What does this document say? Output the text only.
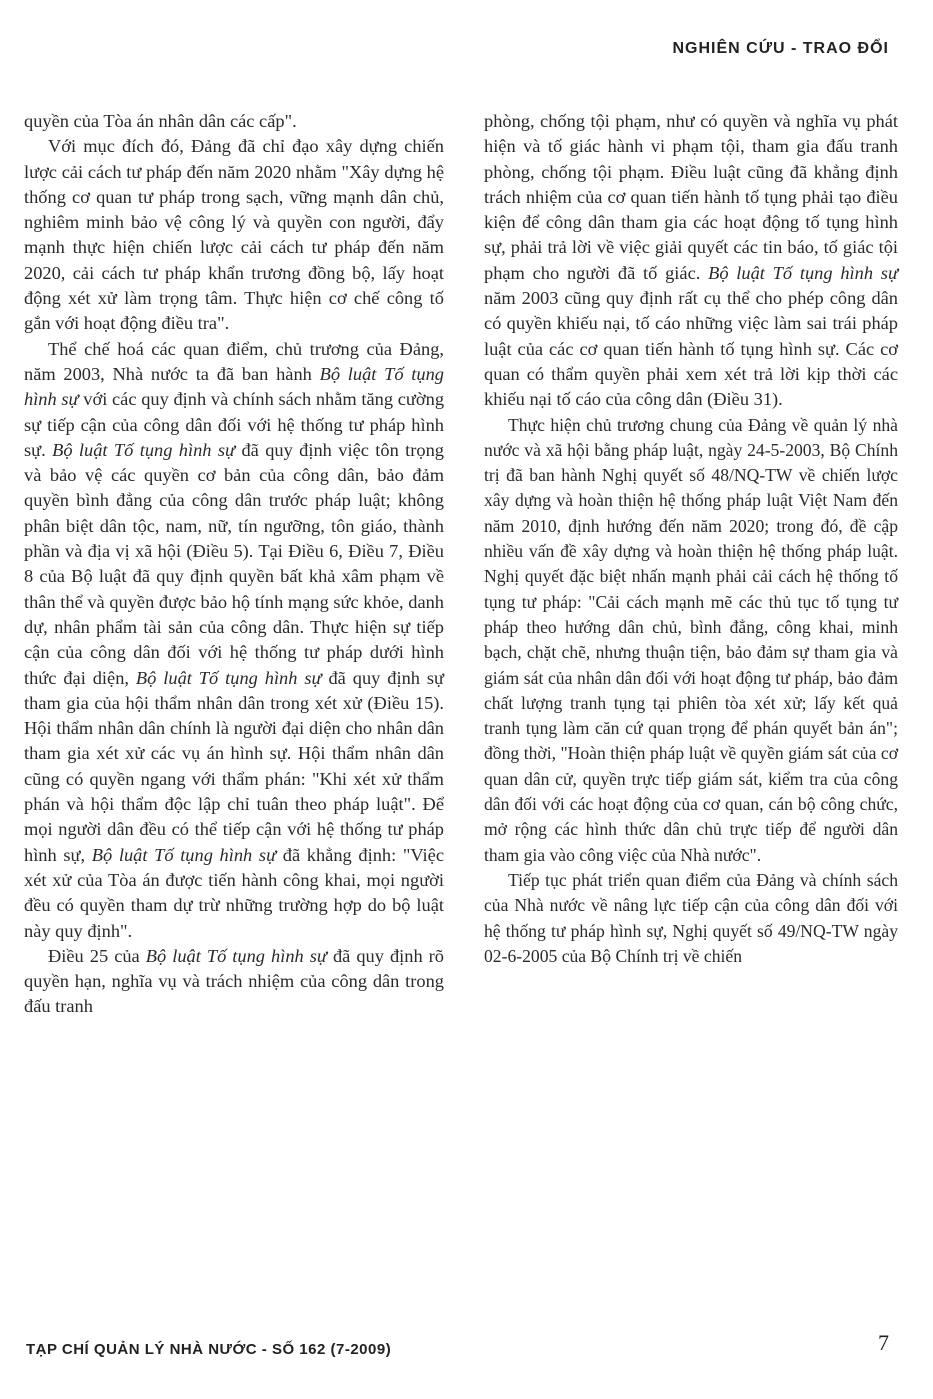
NGHIÊN CỨU - TRAO ĐỔI

quyền của Tòa án nhân dân các cấp".

Với mục đích đó, Đảng đã chỉ đạo xây dựng chiến lược cải cách tư pháp đến năm 2020 nhằm "Xây dựng hệ thống cơ quan tư pháp trong sạch, vững mạnh dân chủ, nghiêm minh bảo vệ công lý và quyền con người, đẩy mạnh thực hiện chiến lược cải cách tư pháp đến năm 2020, cải cách tư pháp khẩn trương đồng bộ, lấy hoạt động xét xử làm trọng tâm. Thực hiện cơ chế công tố gắn với hoạt động điều tra".

Thể chế hoá các quan điểm, chủ trương của Đảng, năm 2003, Nhà nước ta đã ban hành Bộ luật Tố tụng hình sự với các quy định và chính sách nhằm tăng cường sự tiếp cận của công dân đối với hệ thống tư pháp hình sự. Bộ luật Tố tụng hình sự đã quy định việc tôn trọng và bảo vệ các quyền cơ bản của công dân, bảo đảm quyền bình đẳng của công dân trước pháp luật; không phân biệt dân tộc, nam, nữ, tín ngưỡng, tôn giáo, thành phần và địa vị xã hội (Điều 5). Tại Điều 6, Điều 7, Điều 8 của Bộ luật đã quy định quyền bất khả xâm phạm về thân thể và quyền được bảo hộ tính mạng sức khỏe, danh dự, nhân phẩm tài sản của công dân. Thực hiện sự tiếp cận của công dân đối với hệ thống tư pháp dưới hình thức đại diện, Bộ luật Tố tụng hình sự đã quy định sự tham gia của hội thẩm nhân dân trong xét xử (Điều 15). Hội thẩm nhân dân chính là người đại diện cho nhân dân tham gia xét xử các vụ án hình sự. Hội thẩm nhân dân cũng có quyền ngang với thẩm phán: "Khi xét xử thẩm phán và hội thẩm độc lập chỉ tuân theo pháp luật". Để mọi người dân đều có thể tiếp cận với hệ thống tư pháp hình sự, Bộ luật Tố tụng hình sự đã khẳng định: "Việc xét xử của Tòa án được tiến hành công khai, mọi người đều có quyền tham dự trừ những trường hợp do bộ luật này quy định".

Điều 25 của Bộ luật Tố tụng hình sự đã quy định rõ quyền hạn, nghĩa vụ và trách nhiệm của công dân trong đấu tranh

phòng, chống tội phạm, như có quyền và nghĩa vụ phát hiện và tố giác hành vi phạm tội, tham gia đấu tranh phòng, chống tội phạm. Điều luật cũng đã khẳng định trách nhiệm của cơ quan tiến hành tố tụng phải tạo điều kiện để công dân tham gia các hoạt động tố tụng hình sự, phải trả lời về việc giải quyết các tin báo, tố giác tội phạm cho người đã tố giác. Bộ luật Tố tụng hình sự năm 2003 cũng quy định rất cụ thể cho phép công dân có quyền khiếu nại, tố cáo những việc làm sai trái pháp luật của các cơ quan tiến hành tố tụng hình sự. Các cơ quan có thẩm quyền phải xem xét trả lời kịp thời các khiếu nại tố cáo của công dân (Điều 31).

Thực hiện chủ trương chung của Đảng về quản lý nhà nước và xã hội bằng pháp luật, ngày 24-5-2003, Bộ Chính trị đã ban hành Nghị quyết số 48/NQ-TW về chiến lược xây dựng và hoàn thiện hệ thống pháp luật Việt Nam đến năm 2010, định hướng đến năm 2020; trong đó, đề cập nhiều vấn đề xây dựng và hoàn thiện hệ thống pháp luật. Nghị quyết đặc biệt nhấn mạnh phải cải cách hệ thống tố tụng tư pháp: "Cải cách mạnh mẽ các thủ tục tố tụng tư pháp theo hướng dân chủ, bình đẳng, công khai, minh bạch, chặt chẽ, nhưng thuận tiện, bảo đảm sự tham gia và giám sát của nhân dân đối với hoạt động tư pháp, bảo đảm chất lượng tranh tụng tại phiên tòa xét xử; lấy kết quả tranh tụng làm căn cứ quan trọng để phán quyết bản án"; đồng thời, "Hoàn thiện pháp luật về quyền giám sát của cơ quan dân cử, quyền trực tiếp giám sát, kiểm tra của công dân đối với các hoạt động của cơ quan, cán bộ công chức, mở rộng các hình thức dân chủ trực tiếp để người dân tham gia vào công việc của Nhà nước".

Tiếp tục phát triển quan điểm của Đảng và chính sách của Nhà nước về nâng lực tiếp cận của công dân đối với hệ thống tư pháp hình sự, Nghị quyết số 49/NQ-TW ngày 02-6-2005 của Bộ Chính trị về chiến

TẠP CHÍ QUẢN LÝ NHÀ NƯỚC - SỐ 162 (7-2009)	7
